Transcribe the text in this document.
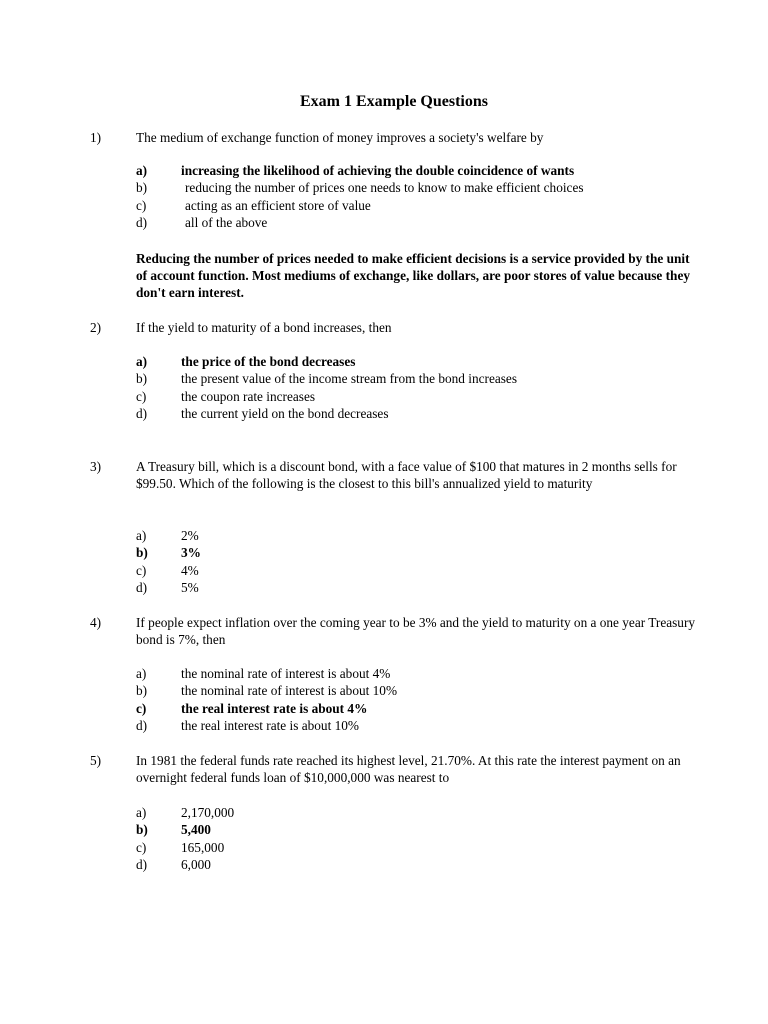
Exam 1 Example Questions
1)	The medium of exchange function of money improves a society's welfare by
a)	increasing the likelihood of achieving the double coincidence of wants
b)	reducing the number of prices one needs to know to make efficient choices
c)	acting as an efficient store of value
d)	all of the above
Reducing the number of prices needed to make efficient decisions is a service provided by the unit of account function. Most mediums of exchange, like dollars, are poor stores of value because they don't earn interest.
2)	If the yield to maturity of a bond increases, then
a)	the price of the bond decreases
b)	the present value of the income stream from the bond increases
c)	the coupon rate increases
d)	the current yield on the bond decreases
3)	A Treasury bill, which is a discount bond, with a face value of $100 that matures in 2 months sells for $99.50. Which of the following is the closest to this bill's annualized yield to maturity
a)	2%
b) 3%
c)	4%
d)	5%
4)	If people expect inflation over the coming year to be 3% and the yield to maturity on a one year Treasury bond is 7%, then
a)	the nominal rate of interest is about 4%
b)	the nominal rate of interest is about 10%
c)	the real interest rate is about 4%
d)	the real interest rate is about 10%
5)	In 1981 the federal funds rate reached its highest level, 21.70%. At this rate the interest payment on an overnight federal funds loan of $10,000,000 was nearest to
a)	2,170,000
b) 5,400
c)	165,000
d)	6,000
